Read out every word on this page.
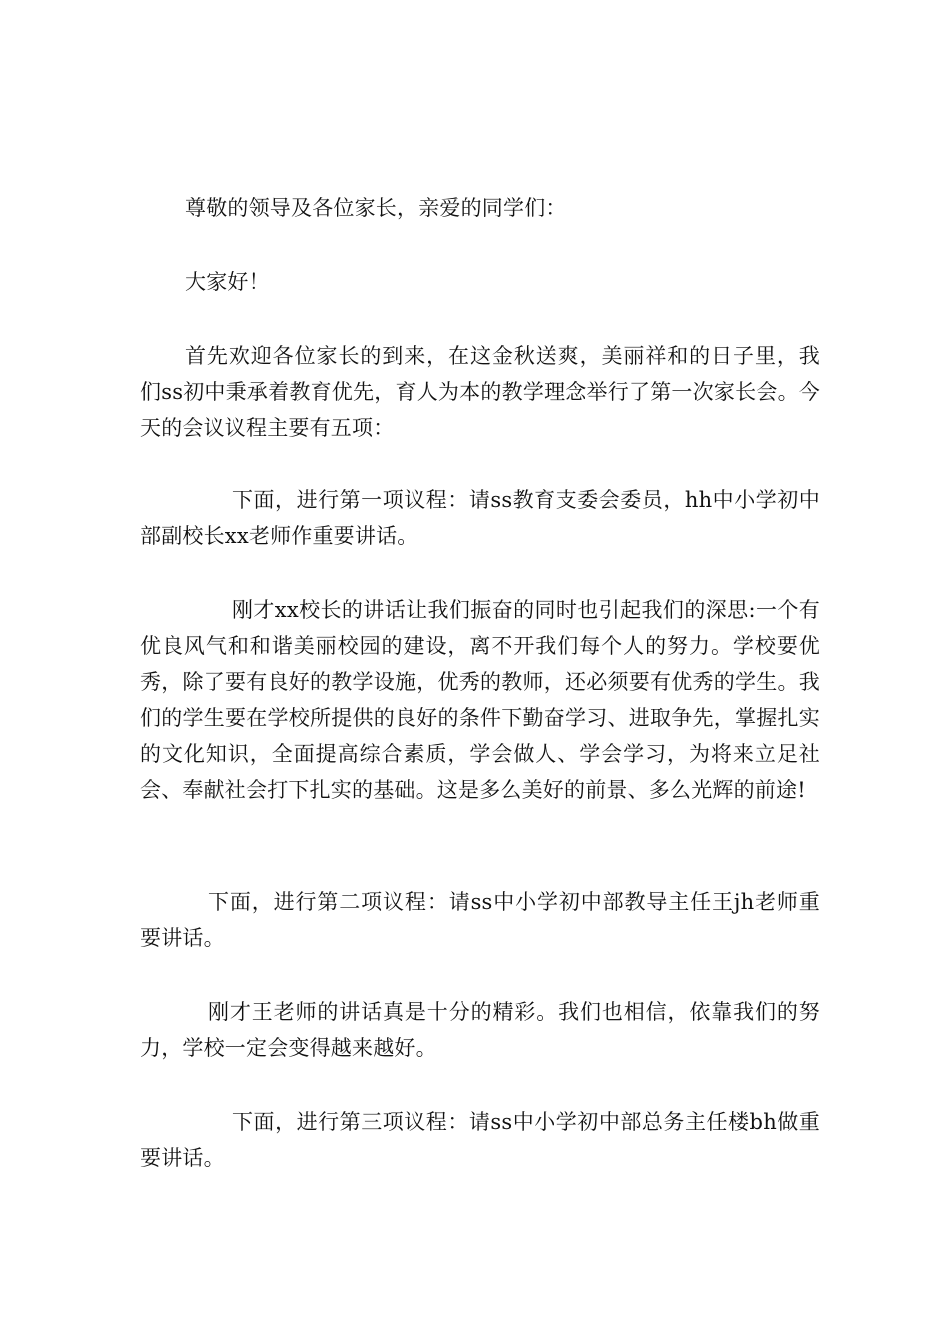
尊敬的领导及各位家长，亲爱的同学们：

大家好！

首先欢迎各位家长的到来，在这金秋送爽，美丽祥和的日子里，我们ss初中秉承着教育优先，育人为本的教学理念举行了第一次家长会。今天的会议议程主要有五项：

下面，进行第一项议程：请ss教育支委会委员，hh中小学初中部副校长xx老师作重要讲话。

刚才xx校长的讲话让我们振奋的同时也引起我们的深思:一个有优良风气和和谐美丽校园的建设，离不开我们每个人的努力。学校要优秀，除了要有良好的教学设施，优秀的教师，还必须要有优秀的学生。我们的学生要在学校所提供的良好的条件下勤奋学习、进取争先，掌握扎实的文化知识，全面提高综合素质，学会做人、学会学习，为将来立足社会、奉献社会打下扎实的基础。这是多么美好的前景、多么光辉的前途!

下面，进行第二项议程：请ss中小学初中部教导主任王jh老师重要讲话。

刚才王老师的讲话真是十分的精彩。我们也相信，依靠我们的努力，学校一定会变得越来越好。

下面，进行第三项议程：请ss中小学初中部总务主任楼bh做重要讲话。
